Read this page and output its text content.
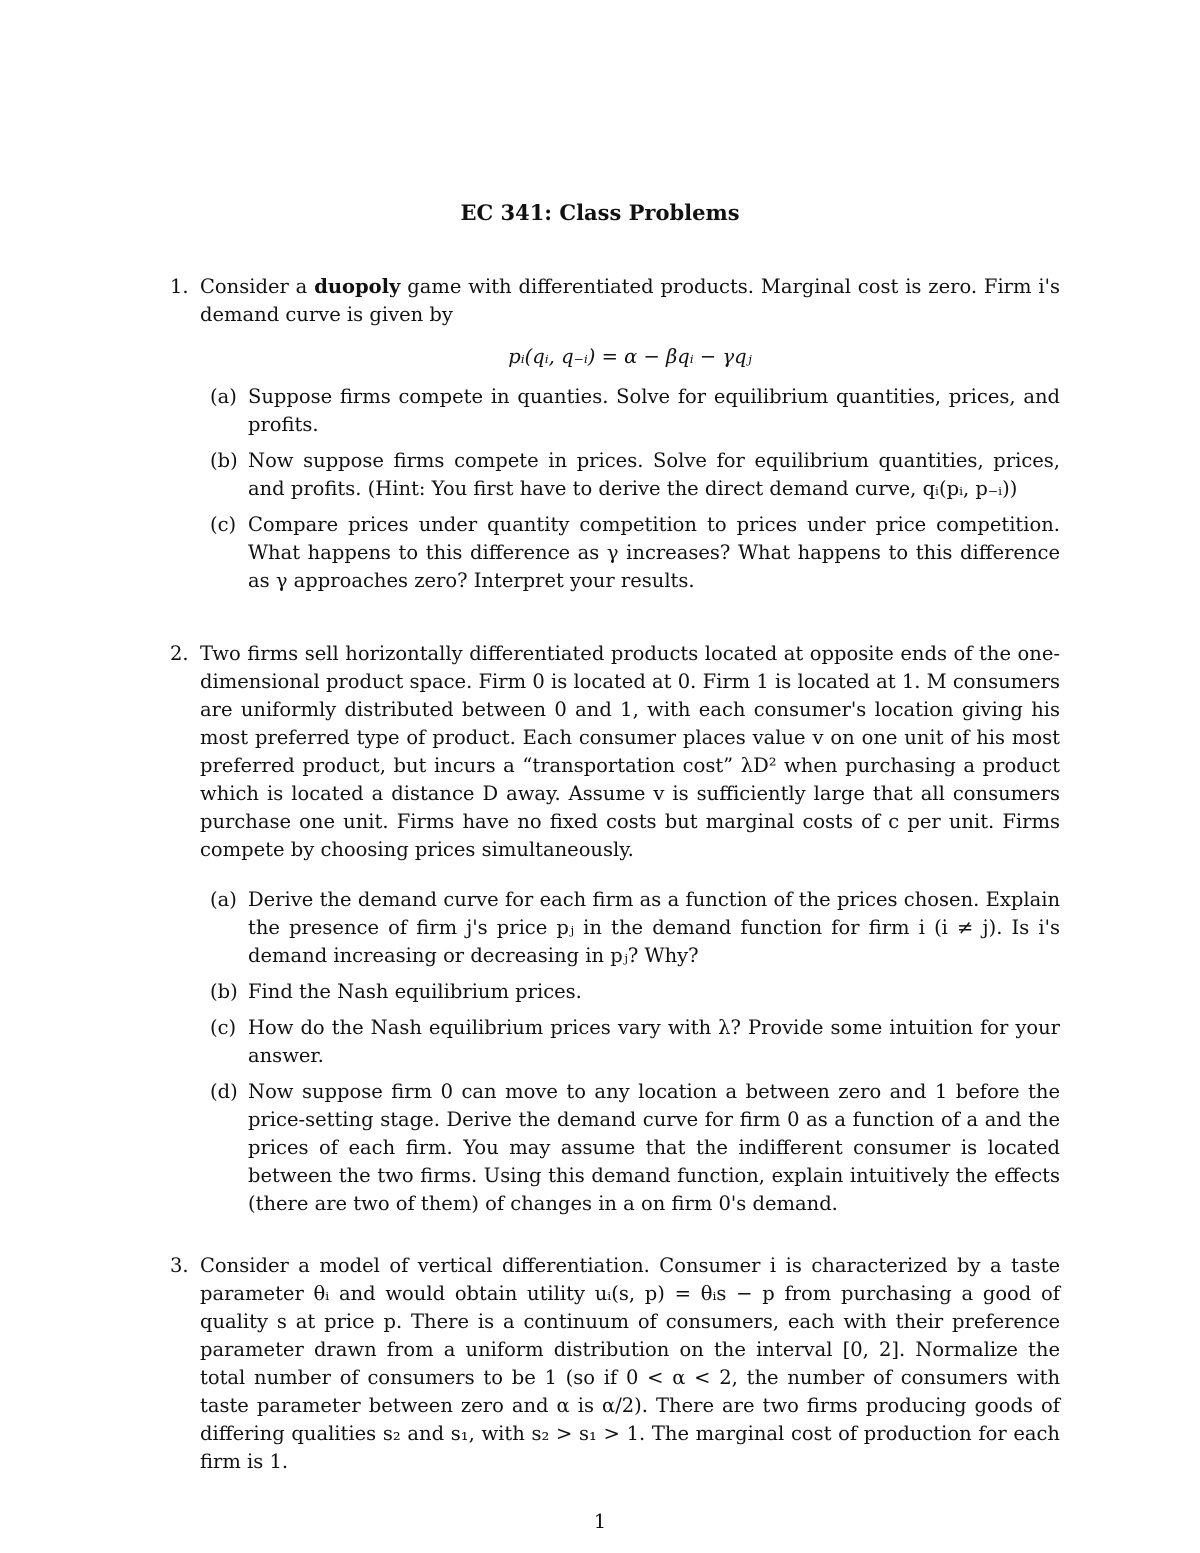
EC 341: Class Problems
1. Consider a duopoly game with differentiated products. Marginal cost is zero. Firm i's demand curve is given by
pᵢ(qᵢ, q₋ᵢ) = α − βqᵢ − γqⱼ
(a) Suppose firms compete in quanties. Solve for equilibrium quantities, prices, and profits.
(b) Now suppose firms compete in prices. Solve for equilibrium quantities, prices, and profits. (Hint: You first have to derive the direct demand curve, qᵢ(pᵢ, p₋ᵢ))
(c) Compare prices under quantity competition to prices under price competition. What happens to this difference as γ increases? What happens to this difference as γ approaches zero? Interpret your results.
2. Two firms sell horizontally differentiated products located at opposite ends of the one-dimensional product space. Firm 0 is located at 0. Firm 1 is located at 1. M consumers are uniformly distributed between 0 and 1, with each consumer's location giving his most preferred type of product. Each consumer places value v on one unit of his most preferred product, but incurs a “transportation cost” λD² when purchasing a product which is located a distance D away. Assume v is sufficiently large that all consumers purchase one unit. Firms have no fixed costs but marginal costs of c per unit. Firms compete by choosing prices simultaneously.
(a) Derive the demand curve for each firm as a function of the prices chosen. Explain the presence of firm j's price pⱼ in the demand function for firm i (i ≠ j). Is i's demand increasing or decreasing in pⱼ? Why?
(b) Find the Nash equilibrium prices.
(c) How do the Nash equilibrium prices vary with λ? Provide some intuition for your answer.
(d) Now suppose firm 0 can move to any location a between zero and 1 before the price-setting stage. Derive the demand curve for firm 0 as a function of a and the prices of each firm. You may assume that the indifferent consumer is located between the two firms. Using this demand function, explain intuitively the effects (there are two of them) of changes in a on firm 0's demand.
3. Consider a model of vertical differentiation. Consumer i is characterized by a taste parameter θᵢ and would obtain utility uᵢ(s, p) = θᵢs − p from purchasing a good of quality s at price p. There is a continuum of consumers, each with their preference parameter drawn from a uniform distribution on the interval [0, 2]. Normalize the total number of consumers to be 1 (so if 0 < α < 2, the number of consumers with taste parameter between zero and α is α/2). There are two firms producing goods of differing qualities s₂ and s₁, with s₂ > s₁ > 1. The marginal cost of production for each firm is 1.
1
